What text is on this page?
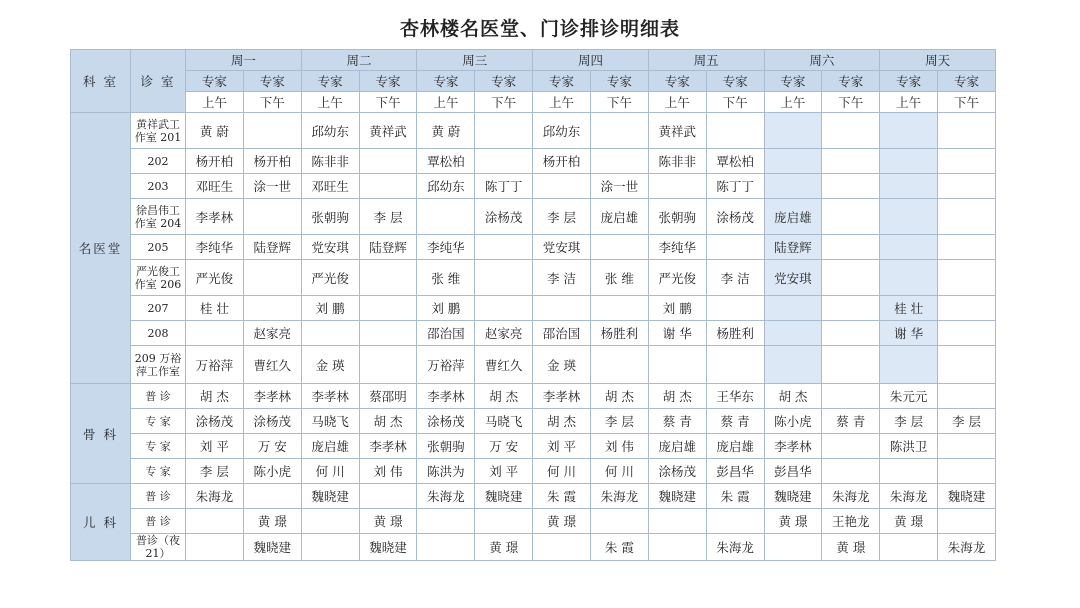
杏林楼名医堂、门诊排诊明细表
科 室	诊 室	周一		周二		周三		周四		周五		周六		周天	
		专家	专家	专家	专家	专家	专家	专家	专家	专家	专家	专家	专家	专家	专家
		上午	下午	上午	下午	上午	下午	上午	下午	上午	下午	上午	下午	上午	下午
名医堂	黄祥武工作室 201	黄 蔚		邱幼东	黄祥武	黄 蔚		邱幼东		黄祥武					
	202	杨开柏	杨开柏	陈非非		覃松柏		杨开柏		陈非非	覃松柏				
	203	邓旺生	涂一世	邓旺生		邱幼东	陈丁丁		涂一世		陈丁丁				
	徐昌伟工作室 204	李孝林		张朝驹	李 层		涂杨茂	李 层	庞启雄	张朝驹	涂杨茂	庞启雄			
	205	李纯华	陆登辉	党安琪	陆登辉	李纯华		党安琪		李纯华		陆登辉			
	严光俊工作室 206	严光俊		严光俊		张 维		李 洁	张 维	严光俊	李 洁	党安琪			
	207	桂 壮		刘 鹏		刘 鹏				刘 鹏				桂 壮	
	208		赵家亮			邵治国	赵家亮	邵治国	杨胜利	谢 华	杨胜利			谢 华	
	209 万裕萍工作室	万裕萍	曹红久	金 瑛		万裕萍	曹红久	金 瑛							
骨 科	普 诊	胡 杰	李孝林	李孝林	蔡邵明	李孝林	胡 杰	李孝林	胡 杰	胡 杰	王华东	胡 杰		朱元元	
	专 家	涂杨茂	涂杨茂	马晓飞	胡 杰	涂杨茂	马晓飞	胡 杰	李 层	蔡 青	蔡 青	陈小虎	蔡 青	李 层	李 层
	专 家	刘 平	万 安	庞启雄	李孝林	张朝驹	万 安	刘 平	刘 伟	庞启雄	庞启雄	李孝林		陈洪卫	
	专 家	李 层	陈小虎	何 川	刘 伟	陈洪为	刘 平	何 川	何 川	涂杨茂	彭昌华	彭昌华			
儿 科	普 诊	朱海龙		魏晓建		朱海龙	魏晓建	朱 霞	朱海龙	魏晓建	朱 霞	魏晓建	朱海龙	朱海龙	魏晓建
	普 诊		黄 璟		黄 璟			黄 璟				黄 璟	王艳龙	黄 璟	
	普诊（夜21）		魏晓建		魏晓建		黄 璟		朱 霞		朱海龙		黄 璟		朱海龙
